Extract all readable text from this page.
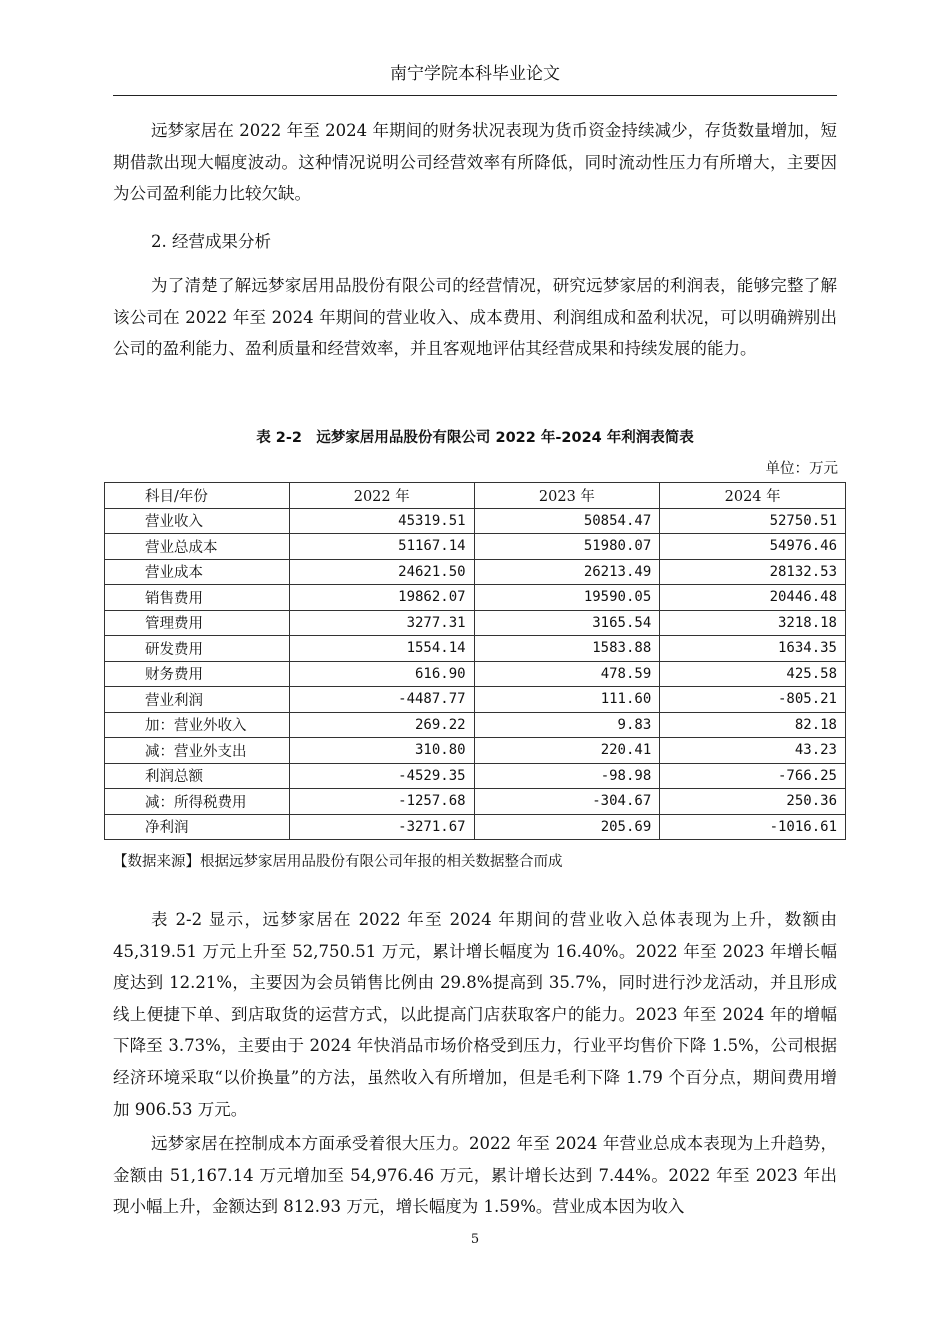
南宁学院本科毕业论文

远梦家居在 2022 年至 2024 年期间的财务状况表现为货币资金持续减少，存货数量增加，短期借款出现大幅度波动。这种情况说明公司经营效率有所降低，同时流动性压力有所增大，主要因为公司盈利能力比较欠缺。

2. 经营成果分析

为了清楚了解远梦家居用品股份有限公司的经营情况，研究远梦家居的利润表，能够完整了解该公司在 2022 年至 2024 年期间的营业收入、成本费用、利润组成和盈利状况，可以明确辨别出公司的盈利能力、盈利质量和经营效率，并且客观地评估其经营成果和持续发展的能力。

表 2-2　远梦家居用品股份有限公司 2022 年-2024 年利润表简表
单位：万元
科目/年份	2022 年	2023 年	2024 年
营业收入	45319.51	50854.47	52750.51
营业总成本	51167.14	51980.07	54976.46
营业成本	24621.50	26213.49	28132.53
销售费用	19862.07	19590.05	20446.48
管理费用	3277.31	3165.54	3218.18
研发费用	1554.14	1583.88	1634.35
财务费用	616.90	478.59	425.58
营业利润	-4487.77	111.60	-805.21
加：营业外收入	269.22	9.83	82.18
减：营业外支出	310.80	220.41	43.23
利润总额	-4529.35	-98.98	-766.25
减：所得税费用	-1257.68	-304.67	250.36
净利润	-3271.67	205.69	-1016.61
【数据来源】根据远梦家居用品股份有限公司年报的相关数据整合而成

表 2-2 显示，远梦家居在 2022 年至 2024 年期间的营业收入总体表现为上升，数额由 45,319.51 万元上升至 52,750.51 万元，累计增长幅度为 16.40%。2022 年至 2023 年增长幅度达到 12.21%，主要因为会员销售比例由 29.8%提高到 35.7%，同时进行沙龙活动，并且形成线上便捷下单、到店取货的运营方式，以此提高门店获取客户的能力。2023 年至 2024 年的增幅下降至 3.73%，主要由于 2024 年快消品市场价格受到压力，行业平均售价下降 1.5%，公司根据经济环境采取“以价换量”的方法，虽然收入有所增加，但是毛利下降 1.79 个百分点，期间费用增加 906.53 万元。

远梦家居在控制成本方面承受着很大压力。2022 年至 2024 年营业总成本表现为上升趋势，金额由 51,167.14 万元增加至 54,976.46 万元，累计增长达到 7.44%。2022 年至 2023 年出现小幅上升，金额达到 812.93 万元，增长幅度为 1.59%。营业成本因为收入

5
